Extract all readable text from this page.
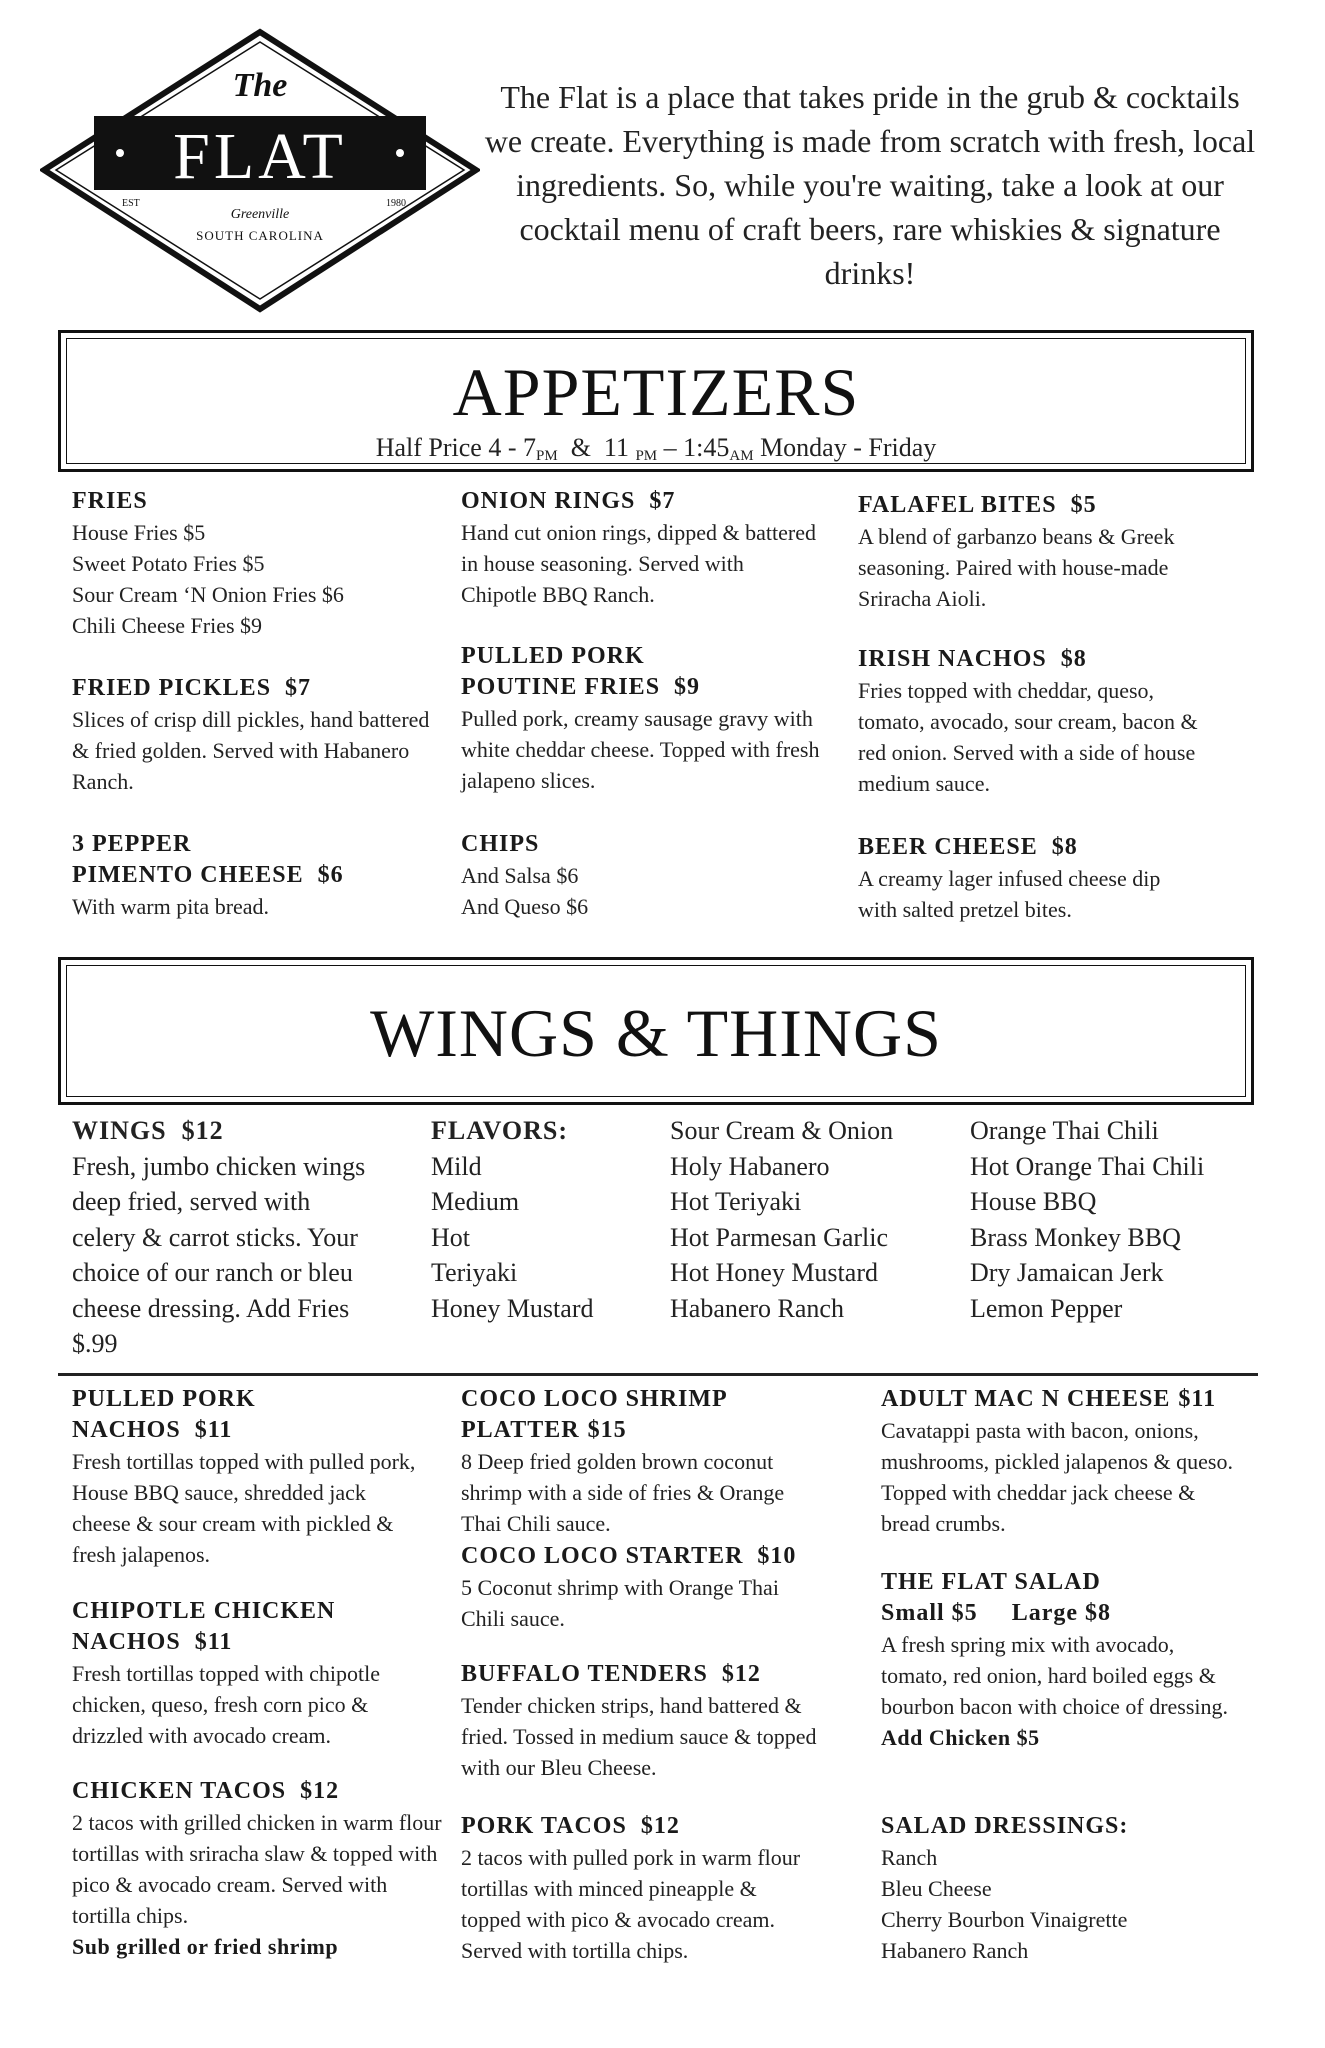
The
FLAT
EST	1980
Greenville
SOUTH CAROLINA
The Flat is a place that takes pride in the grub & cocktails we create. Everything is made from scratch with fresh, local ingredients. So, while you're waiting, take a look at our cocktail menu of craft beers, rare whiskies & signature drinks!
APPETIZERS
Half Price $4 - 7_{PM}$ & 11 $_{PM} - 1:45_{AM}$ Monday - Friday
FRIES
House Fries $5
Sweet Potato Fries $5
Sour Cream ‘N Onion Fries $6
Chili Cheese Fries $9
FRIED PICKLES $7
Slices of crisp dill pickles, hand battered & fried golden. Served with Habanero Ranch.
3 PEPPER
PIMENTO CHEESE $6
With warm pita bread.
ONION RINGS $7
Hand cut onion rings, dipped & battered in house seasoning. Served with Chipotle BBQ Ranch.
PULLED PORK
POUTINE FRIES $9
Pulled pork, creamy sausage gravy with white cheddar cheese. Topped with fresh jalapeno slices.
CHIPS
And Salsa $6
And Queso $6
FALAFEL BITES $5
A blend of garbanzo beans & Greek seasoning. Paired with house-made Sriracha Aioli.
IRISH NACHOS $8
Fries topped with cheddar, queso, tomato, avocado, sour cream, bacon & red onion. Served with a side of house medium sauce.
BEER CHEESE $8
A creamy lager infused cheese dip with salted pretzel bites.
WINGS & THINGS
WINGS $12
Fresh, jumbo chicken wings deep fried, served with celery & carrot sticks. Your choice of our ranch or bleu cheese dressing. Add Fries $.99
FLAVORS:
Mild
Medium
Hot
Teriyaki
Honey Mustard
Sour Cream & Onion
Holy Habanero
Hot Teriyaki
Hot Parmesan Garlic
Hot Honey Mustard
Habanero Ranch
Orange Thai Chili
Hot Orange Thai Chili
House BBQ
Brass Monkey BBQ
Dry Jamaican Jerk
Lemon Pepper
PULLED PORK
NACHOS $11
Fresh tortillas topped with pulled pork, House BBQ sauce, shredded jack cheese & sour cream with pickled & fresh jalapenos.
CHIPOTLE CHICKEN
NACHOS $11
Fresh tortillas topped with chipotle chicken, queso, fresh corn pico & drizzled with avocado cream.
CHICKEN TACOS $12
2 tacos with grilled chicken in warm flour tortillas with sriracha slaw & topped with pico & avocado cream. Served with tortilla chips.
Sub grilled or fried shrimp
COCO LOCO SHRIMP
PLATTER $15
8 Deep fried golden brown coconut shrimp with a side of fries & Orange Thai Chili sauce.
COCO LOCO STARTER $10
5 Coconut shrimp with Orange Thai Chili sauce.
BUFFALO TENDERS $12
Tender chicken strips, hand battered & fried. Tossed in medium sauce & topped with our Bleu Cheese.
PORK TACOS $12
2 tacos with pulled pork in warm flour tortillas with minced pineapple & topped with pico & avocado cream. Served with tortilla chips.
ADULT MAC N CHEESE $11
Cavatappi pasta with bacon, onions, mushrooms, pickled jalapenos & queso. Topped with cheddar jack cheese & bread crumbs.
THE FLAT SALAD
Small $5 Large $8
A fresh spring mix with avocado, tomato, red onion, hard boiled eggs & bourbon bacon with choice of dressing.
Add Chicken $5
SALAD DRESSINGS:
Ranch
Bleu Cheese
Cherry Bourbon Vinaigrette
Habanero Ranch
